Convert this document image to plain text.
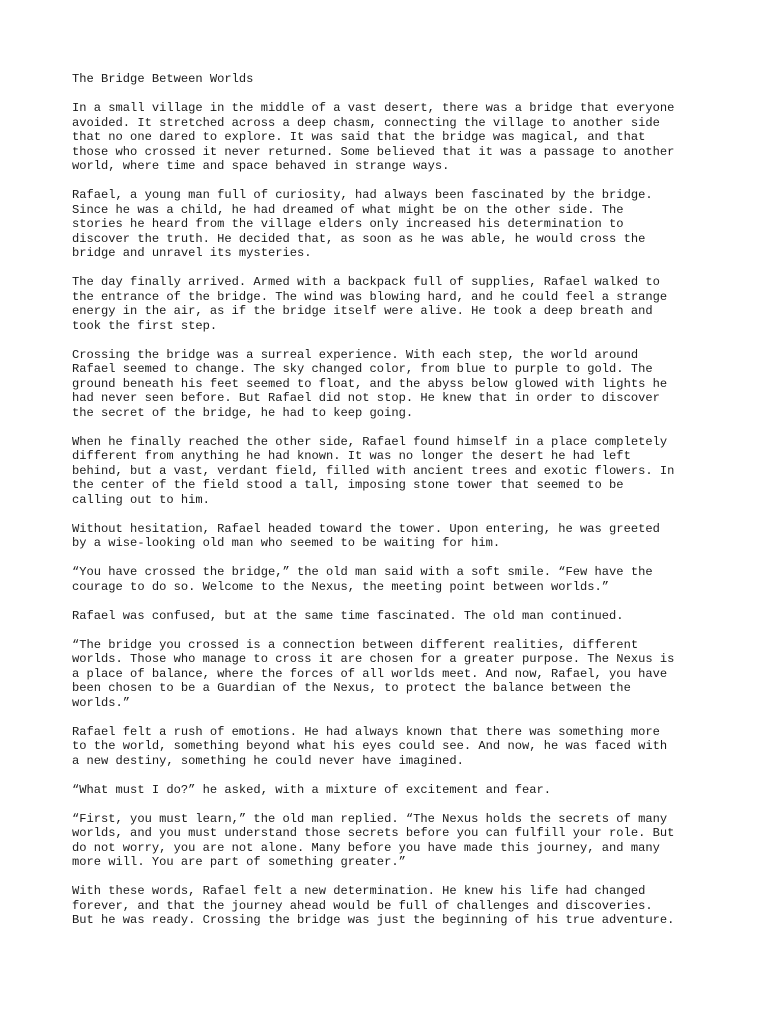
The Bridge Between Worlds

In a small village in the middle of a vast desert, there was a bridge that everyone
avoided. It stretched across a deep chasm, connecting the village to another side
that no one dared to explore. It was said that the bridge was magical, and that
those who crossed it never returned. Some believed that it was a passage to another
world, where time and space behaved in strange ways.

Rafael, a young man full of curiosity, had always been fascinated by the bridge.
Since he was a child, he had dreamed of what might be on the other side. The
stories he heard from the village elders only increased his determination to
discover the truth. He decided that, as soon as he was able, he would cross the
bridge and unravel its mysteries.

The day finally arrived. Armed with a backpack full of supplies, Rafael walked to
the entrance of the bridge. The wind was blowing hard, and he could feel a strange
energy in the air, as if the bridge itself were alive. He took a deep breath and
took the first step.

Crossing the bridge was a surreal experience. With each step, the world around
Rafael seemed to change. The sky changed color, from blue to purple to gold. The
ground beneath his feet seemed to float, and the abyss below glowed with lights he
had never seen before. But Rafael did not stop. He knew that in order to discover
the secret of the bridge, he had to keep going.

When he finally reached the other side, Rafael found himself in a place completely
different from anything he had known. It was no longer the desert he had left
behind, but a vast, verdant field, filled with ancient trees and exotic flowers. In
the center of the field stood a tall, imposing stone tower that seemed to be
calling out to him.

Without hesitation, Rafael headed toward the tower. Upon entering, he was greeted
by a wise-looking old man who seemed to be waiting for him.

“You have crossed the bridge,” the old man said with a soft smile. “Few have the
courage to do so. Welcome to the Nexus, the meeting point between worlds.”

Rafael was confused, but at the same time fascinated. The old man continued.

“The bridge you crossed is a connection between different realities, different
worlds. Those who manage to cross it are chosen for a greater purpose. The Nexus is
a place of balance, where the forces of all worlds meet. And now, Rafael, you have
been chosen to be a Guardian of the Nexus, to protect the balance between the
worlds.”

Rafael felt a rush of emotions. He had always known that there was something more
to the world, something beyond what his eyes could see. And now, he was faced with
a new destiny, something he could never have imagined.

“What must I do?” he asked, with a mixture of excitement and fear.

“First, you must learn,” the old man replied. “The Nexus holds the secrets of many
worlds, and you must understand those secrets before you can fulfill your role. But
do not worry, you are not alone. Many before you have made this journey, and many
more will. You are part of something greater.”

With these words, Rafael felt a new determination. He knew his life had changed
forever, and that the journey ahead would be full of challenges and discoveries.
But he was ready. Crossing the bridge was just the beginning of his true adventure.
